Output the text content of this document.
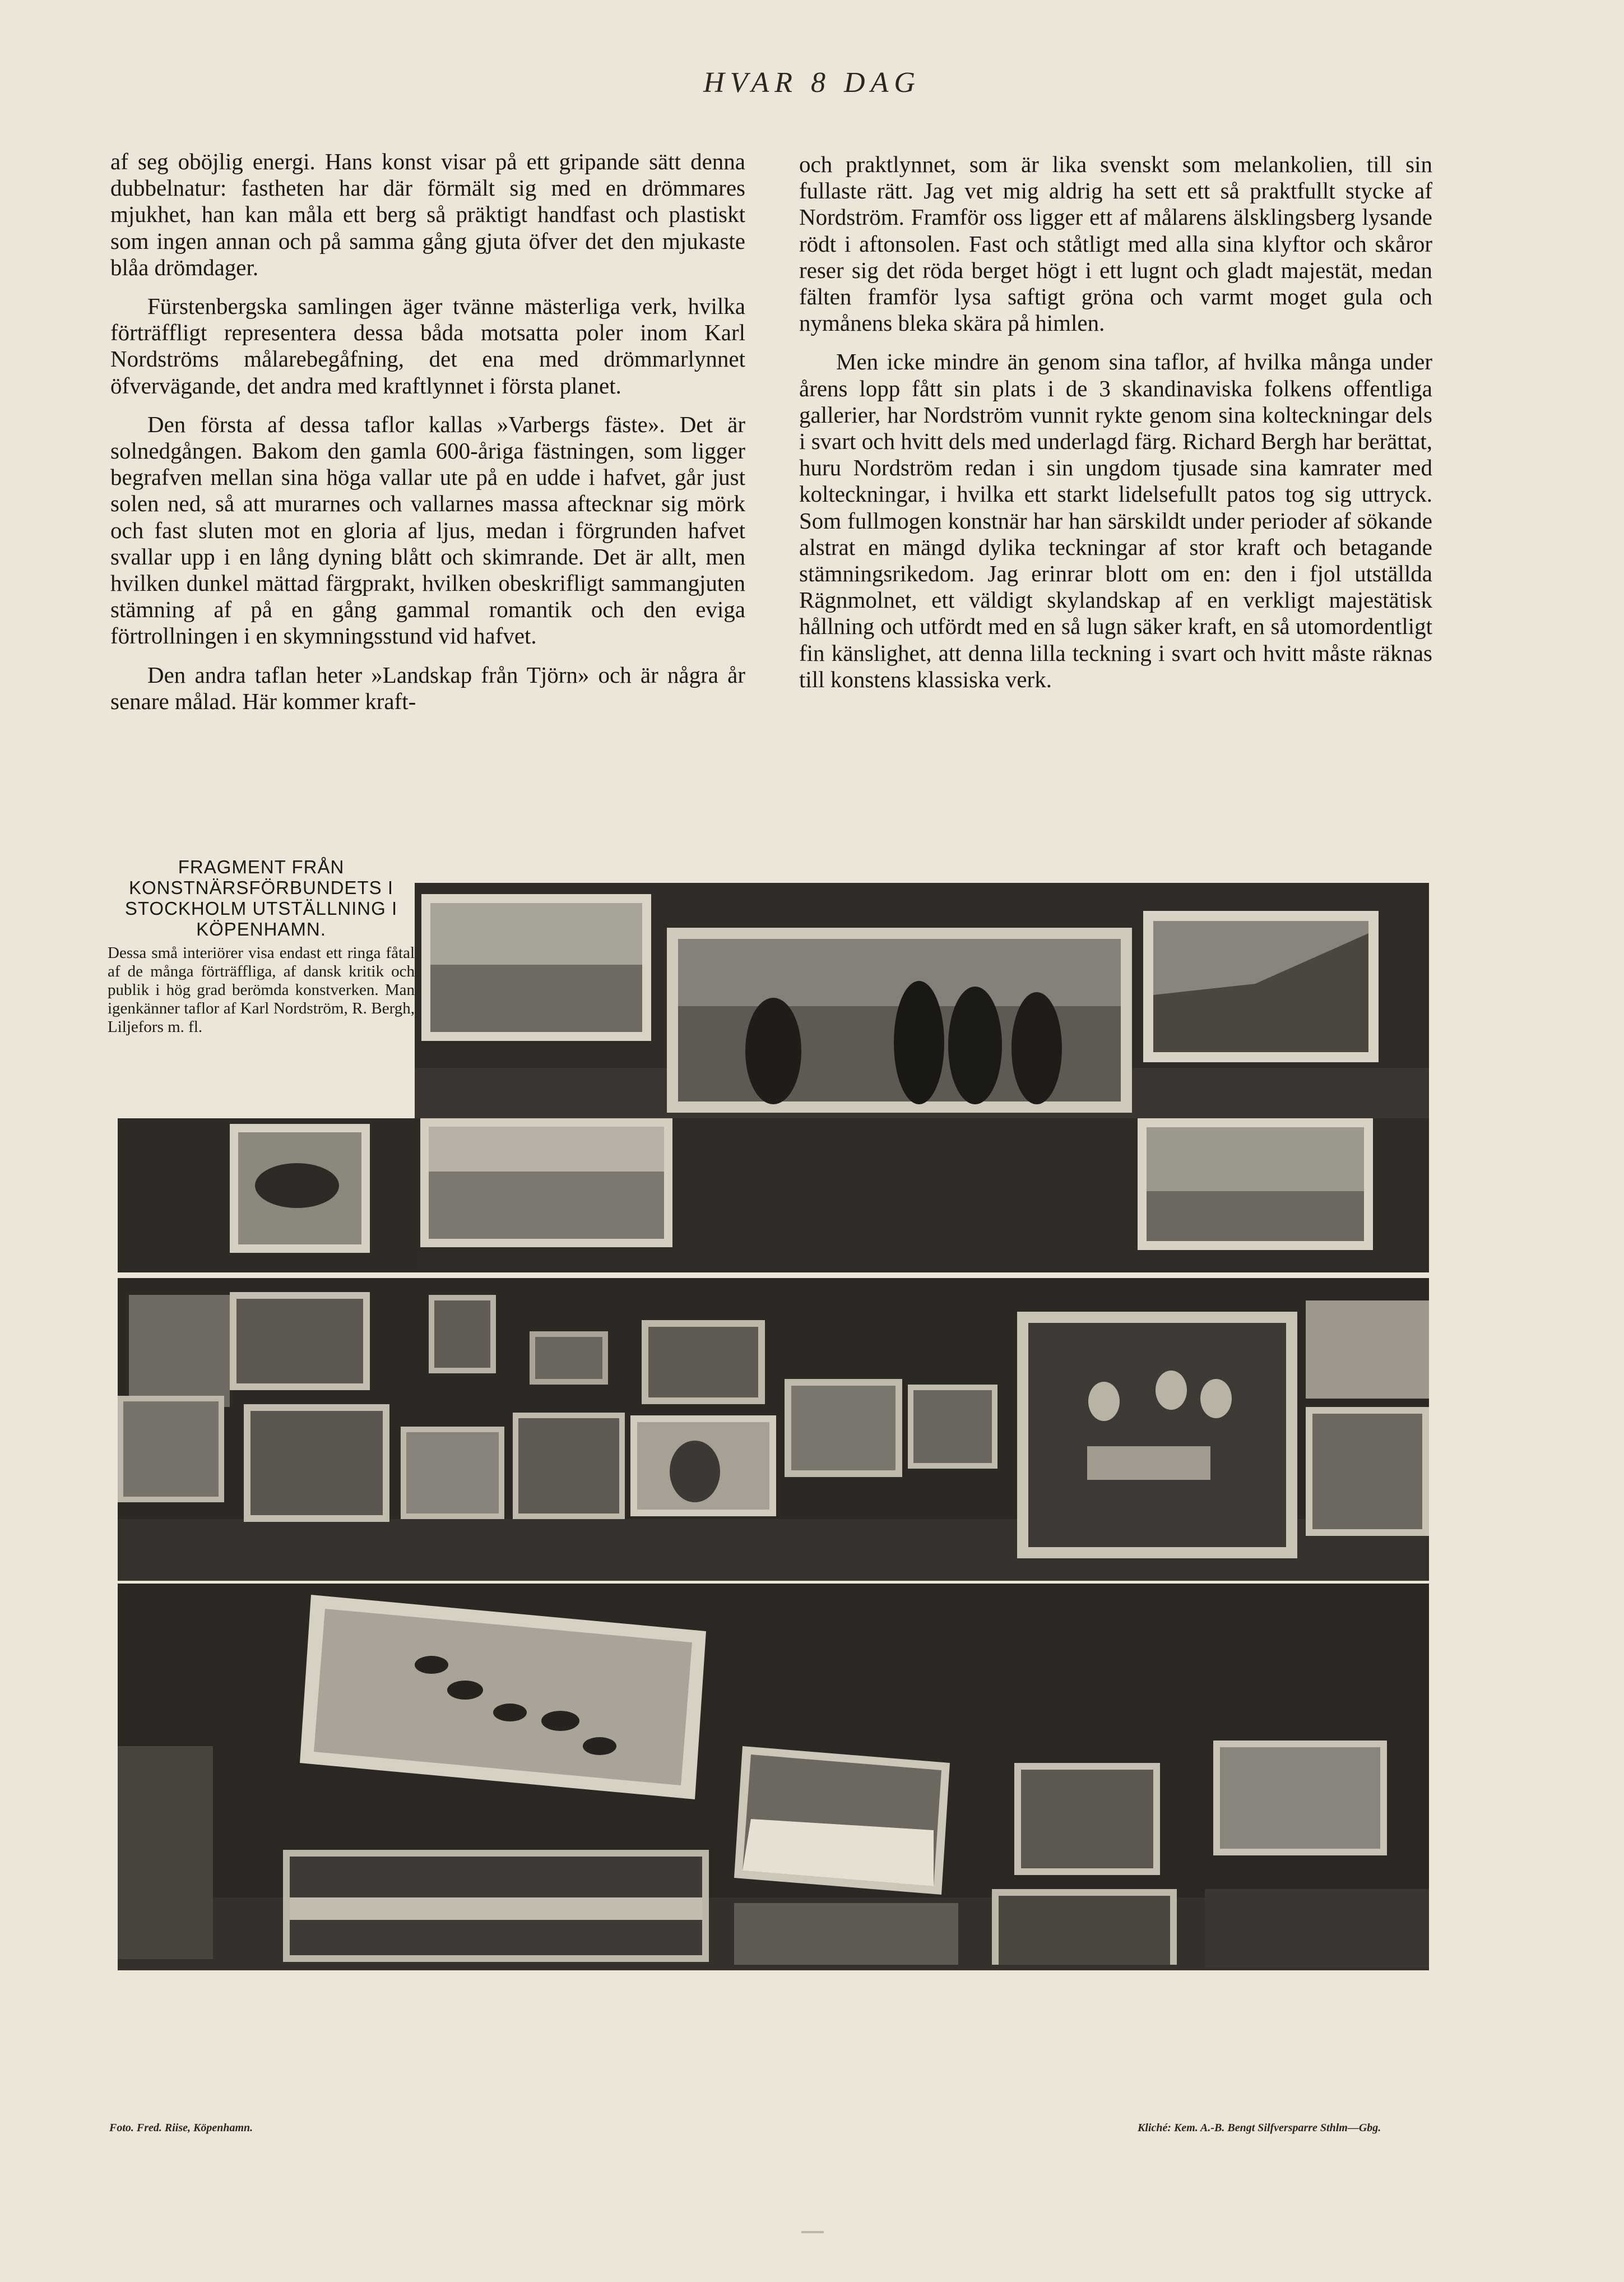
HVAR 8 DAG

af seg oböjlig energi. Hans konst visar på ett gripande sätt denna dubbelnatur: fastheten har där förmält sig med en drömmares mjukhet, han kan måla ett berg så präktigt handfast och plastiskt som ingen annan och på samma gång gjuta öfver det den mjukaste blåa drömdager.

Fürstenbergska samlingen äger tvänne mästerliga verk, hvilka förträffligt representera dessa båda motsatta poler inom Karl Nordströms målarebegåfning, det ena med drömmarlynnet öfvervägande, det andra med kraftlynnet i första planet.

Den första af dessa taflor kallas »Varbergs fäste». Det är solnedgången. Bakom den gamla 600-åriga fästningen, som ligger begrafven mellan sina höga vallar ute på en udde i hafvet, går just solen ned, så att murarnes och vallarnes massa aftecknar sig mörk och fast sluten mot en gloria af ljus, medan i förgrunden hafvet svallar upp i en lång dyning blått och skimrande. Det är allt, men hvilken dunkel mättad färgprakt, hvilken obeskrifligt sammangjuten stämning af på en gång gammal romantik och den eviga förtrollningen i en skymningsstund vid hafvet.

Den andra taflan heter »Landskap från Tjörn» och är några år senare målad. Här kommer kraft-

och praktlynnet, som är lika svenskt som melankolien, till sin fullaste rätt. Jag vet mig aldrig ha sett ett så praktfullt stycke af Nordström. Framför oss ligger ett af målarens älsklingsberg lysande rödt i aftonsolen. Fast och ståtligt med alla sina klyftor och skåror reser sig det röda berget högt i ett lugnt och gladt majestät, medan fälten framför lysa saftigt gröna och varmt moget gula och nymånens bleka skära på himlen.

Men icke mindre än genom sina taflor, af hvilka många under årens lopp fått sin plats i de 3 skandinaviska folkens offentliga gallerier, har Nordström vunnit rykte genom sina kolteckningar dels i svart och hvitt dels med underlagd färg. Richard Bergh har berättat, huru Nordström redan i sin ungdom tjusade sina kamrater med kolteckningar, i hvilka ett starkt lidelsefullt patos tog sig uttryck. Som fullmogen konstnär har han särskildt under perioder af sökande alstrat en mängd dylika teckningar af stor kraft och betagande stämningsrikedom. Jag erinrar blott om en: den i fjol utställda Rägnmolnet, ett väldigt skylandskap af en verkligt majestätisk hållning och utfördt med en så lugn säker kraft, en så utomordentligt fin känslighet, att denna lilla teckning i svart och hvitt måste räknas till konstens klassiska verk.

FRAGMENT FRÅN KONSTNÄRSFÖRBUNDETS I STOCKHOLM UTSTÄLLNING I KÖPENHAMN.
Dessa små interiörer visa endast ett ringa fåtal af de många förträffliga, af dansk kritik och publik i hög grad berömda konstverken. Man igenkänner taflor af Karl Nordström, R. Bergh, Liljefors m. fl.
Foto. Fred. Riise, Köpenhamn.	Kliché: Kem. A.-B. Bengt Silfversparre Sthlm—Gbg.
